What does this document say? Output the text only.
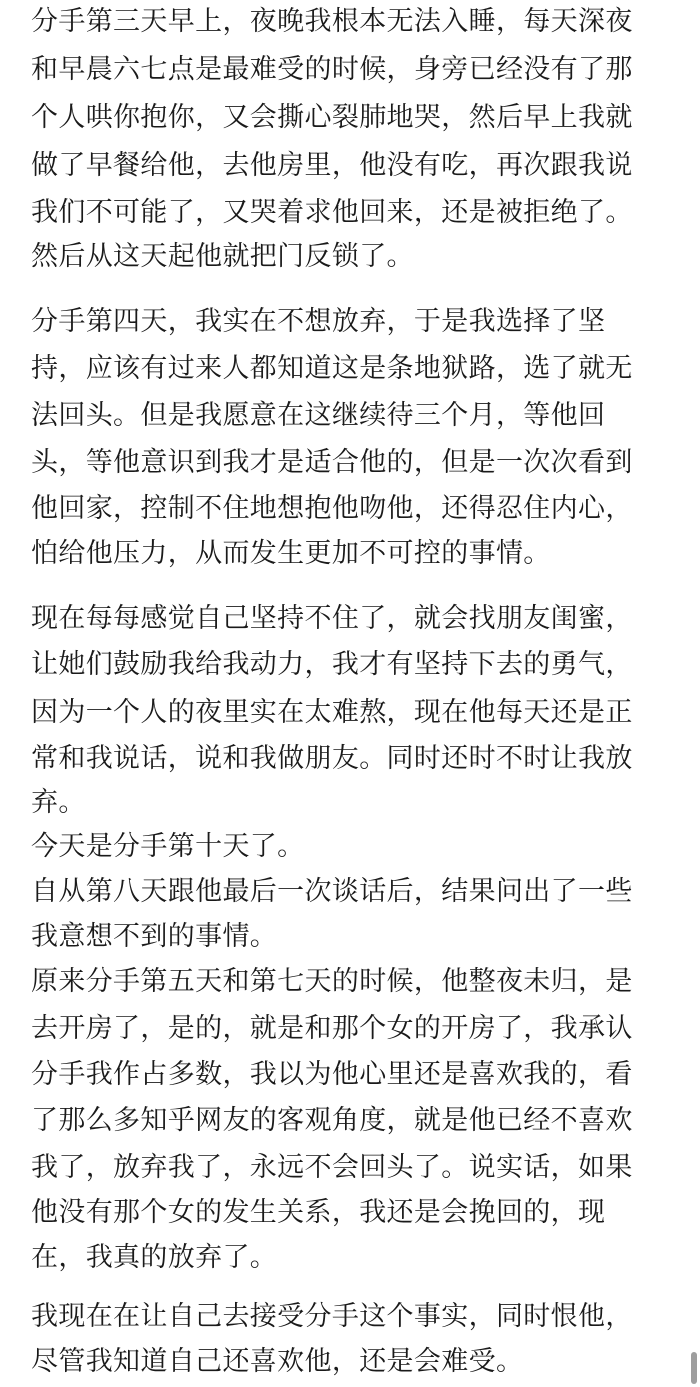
分手第三天早上，夜晚我根本无法入睡，每天深夜
和早晨六七点是最难受的时候，身旁已经没有了那
个人哄你抱你，又会撕心裂肺地哭，然后早上我就
做了早餐给他，去他房里，他没有吃，再次跟我说
我们不可能了，又哭着求他回来，还是被拒绝了。
然后从这天起他就把门反锁了。
分手第四天，我实在不想放弃，于是我选择了坚
持，应该有过来人都知道这是条地狱路，选了就无
法回头。但是我愿意在这继续待三个月，等他回
头，等他意识到我才是适合他的，但是一次次看到
他回家，控制不住地想抱他吻他，还得忍住内心，
怕给他压力，从而发生更加不可控的事情。
现在每每感觉自己坚持不住了，就会找朋友闺蜜，
让她们鼓励我给我动力，我才有坚持下去的勇气，
因为一个人的夜里实在太难熬，现在他每天还是正
常和我说话，说和我做朋友。同时还时不时让我放
弃。
今天是分手第十天了。
自从第八天跟他最后一次谈话后，结果问出了一些
我意想不到的事情。
原来分手第五天和第七天的时候，他整夜未归，是
去开房了，是的，就是和那个女的开房了，我承认
分手我作占多数，我以为他心里还是喜欢我的，看
了那么多知乎网友的客观角度，就是他已经不喜欢
我了，放弃我了，永远不会回头了。说实话，如果
他没有那个女的发生关系，我还是会挽回的，现
在，我真的放弃了。
我现在在让自己去接受分手这个事实，同时恨他，
尽管我知道自己还喜欢他，还是会难受。
